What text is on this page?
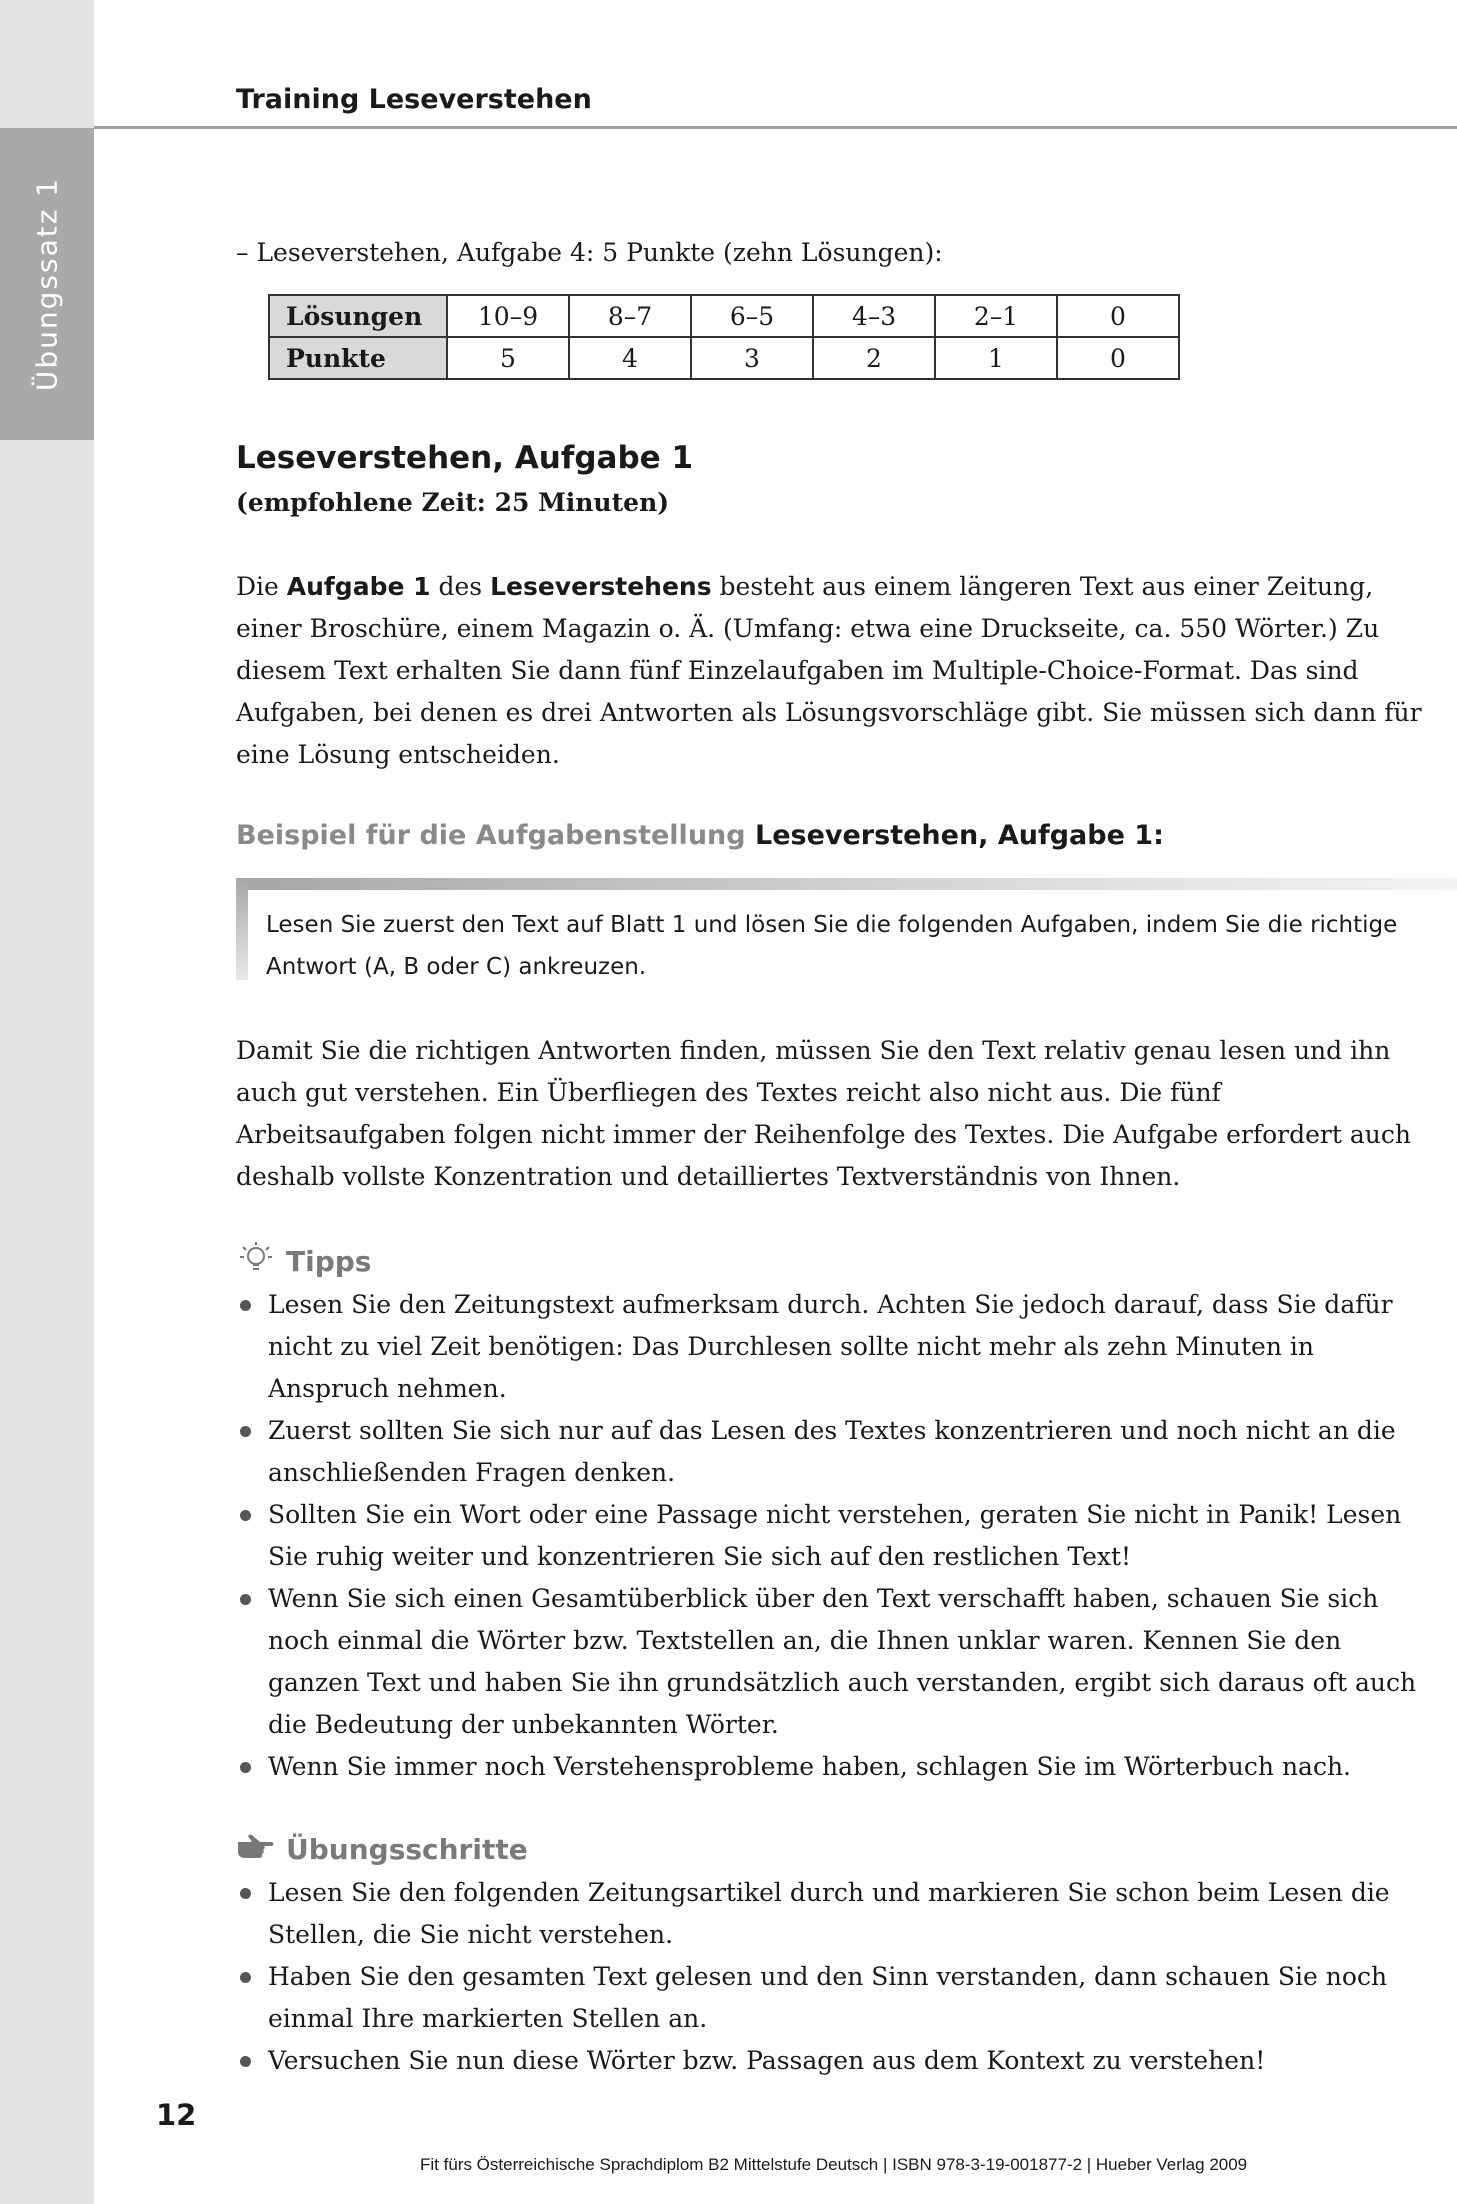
Übungssatz 1
Training Leseverstehen
– Leseverstehen, Aufgabe 4: 5 Punkte (zehn Lösungen):
Lösungen	10–9	8–7	6–5	4–3	2–1	0
Punkte	5	4	3	2	1	0
Leseverstehen, Aufgabe 1
(empfohlene Zeit: 25 Minuten)
Die Aufgabe 1 des Leseverstehens besteht aus einem längeren Text aus einer Zeitung, einer Broschüre, einem Magazin o. Ä. (Umfang: etwa eine Druckseite, ca. 550 Wörter.) Zu diesem Text erhalten Sie dann fünf Einzelaufgaben im Multiple-Choice-Format. Das sind Aufgaben, bei denen es drei Antworten als Lösungsvorschläge gibt. Sie müssen sich dann für eine Lösung entscheiden.
Beispiel für die Aufgabenstellung Leseverstehen, Aufgabe 1:
Lesen Sie zuerst den Text auf Blatt 1 und lösen Sie die folgenden Aufgaben, indem Sie die richtige Antwort (A, B oder C) ankreuzen.
Damit Sie die richtigen Antworten finden, müssen Sie den Text relativ genau lesen und ihn auch gut verstehen. Ein Überfliegen des Textes reicht also nicht aus. Die fünf Arbeitsaufgaben folgen nicht immer der Reihenfolge des Textes. Die Aufgabe erfordert auch deshalb vollste Konzentration und detailliertes Textverständnis von Ihnen.
Tipps
Lesen Sie den Zeitungstext aufmerksam durch. Achten Sie jedoch darauf, dass Sie dafür nicht zu viel Zeit benötigen: Das Durchlesen sollte nicht mehr als zehn Minuten in Anspruch nehmen.
Zuerst sollten Sie sich nur auf das Lesen des Textes konzentrieren und noch nicht an die anschließenden Fragen denken.
Sollten Sie ein Wort oder eine Passage nicht verstehen, geraten Sie nicht in Panik! Lesen Sie ruhig weiter und konzentrieren Sie sich auf den restlichen Text!
Wenn Sie sich einen Gesamtüberblick über den Text verschafft haben, schauen Sie sich noch einmal die Wörter bzw. Textstellen an, die Ihnen unklar waren. Kennen Sie den ganzen Text und haben Sie ihn grundsätzlich auch verstanden, ergibt sich daraus oft auch die Bedeutung der unbekannten Wörter.
Wenn Sie immer noch Verstehensprobleme haben, schlagen Sie im Wörterbuch nach.
Übungsschritte
Lesen Sie den folgenden Zeitungsartikel durch und markieren Sie schon beim Lesen die Stellen, die Sie nicht verstehen.
Haben Sie den gesamten Text gelesen und den Sinn verstanden, dann schauen Sie noch einmal Ihre markierten Stellen an.
Versuchen Sie nun diese Wörter bzw. Passagen aus dem Kontext zu verstehen!
12
Fit fürs Österreichische Sprachdiplom B2 Mittelstufe Deutsch | ISBN 978-3-19-001877-2 | Hueber Verlag 2009
